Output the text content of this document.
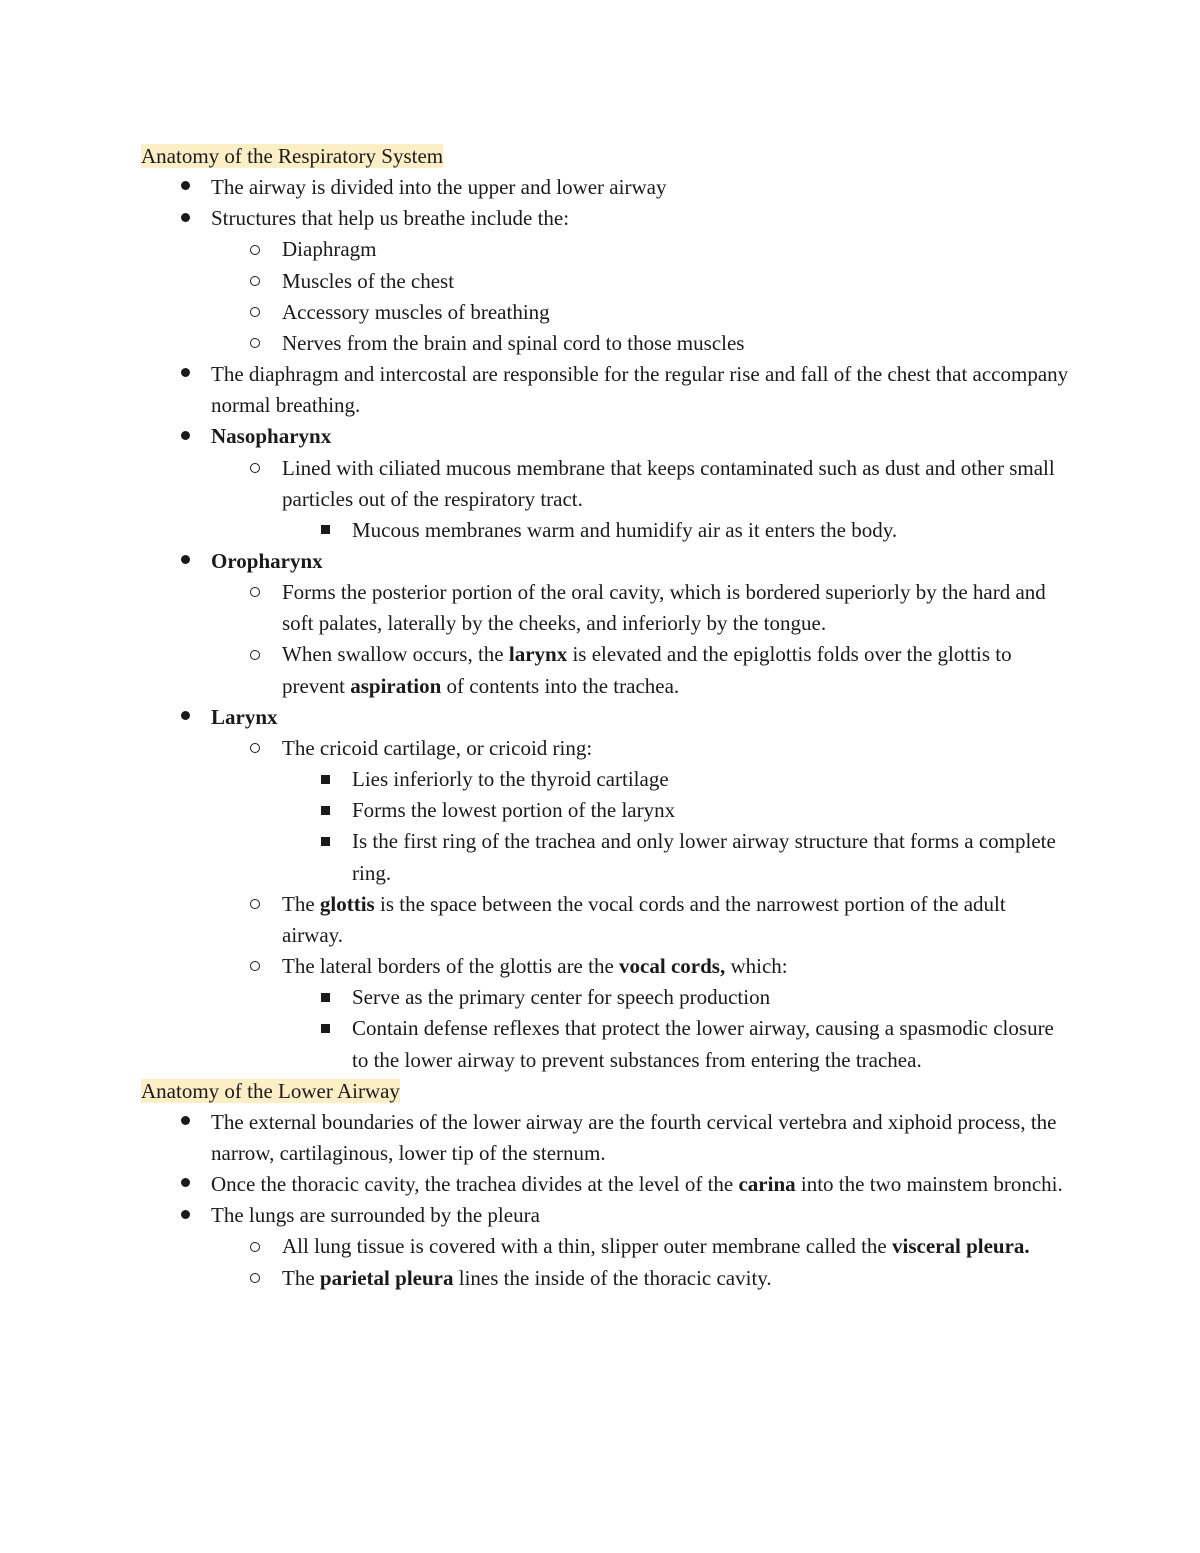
Anatomy of the Respiratory System
The airway is divided into the upper and lower airway
Structures that help us breathe include the:
Diaphragm
Muscles of the chest
Accessory muscles of breathing
Nerves from the brain and spinal cord to those muscles
The diaphragm and intercostal are responsible for the regular rise and fall of the chest that accompany normal breathing.
Nasopharynx
Lined with ciliated mucous membrane that keeps contaminated such as dust and other small particles out of the respiratory tract.
Mucous membranes warm and humidify air as it enters the body.
Oropharynx
Forms the posterior portion of the oral cavity, which is bordered superiorly by the hard and soft palates, laterally by the cheeks, and inferiorly by the tongue.
When swallow occurs, the larynx is elevated and the epiglottis folds over the glottis to prevent aspiration of contents into the trachea.
Larynx
The cricoid cartilage, or cricoid ring:
Lies inferiorly to the thyroid cartilage
Forms the lowest portion of the larynx
Is the first ring of the trachea and only lower airway structure that forms a complete ring.
The glottis is the space between the vocal cords and the narrowest portion of the adult airway.
The lateral borders of the glottis are the vocal cords, which:
Serve as the primary center for speech production
Contain defense reflexes that protect the lower airway, causing a spasmodic closure to the lower airway to prevent substances from entering the trachea.
Anatomy of the Lower Airway
The external boundaries of the lower airway are the fourth cervical vertebra and xiphoid process, the narrow, cartilaginous, lower tip of the sternum.
Once the thoracic cavity, the trachea divides at the level of the carina into the two mainstem bronchi.
The lungs are surrounded by the pleura
All lung tissue is covered with a thin, slipper outer membrane called the visceral pleura.
The parietal pleura lines the inside of the thoracic cavity.
